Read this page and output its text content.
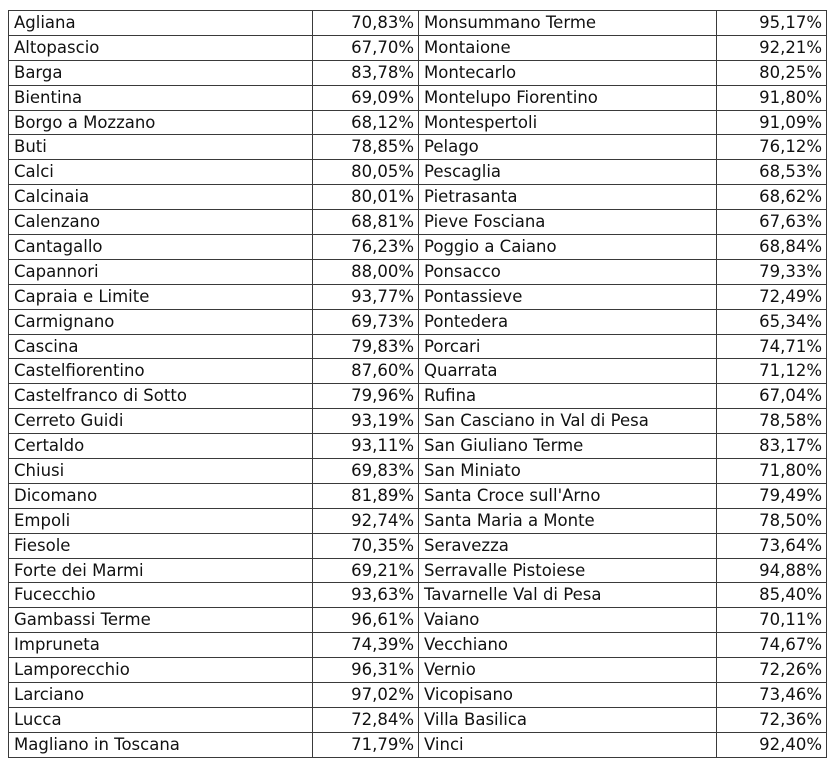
Agliana	70,83%	Monsummano Terme	95,17%
Altopascio	67,70%	Montaione	92,21%
Barga	83,78%	Montecarlo	80,25%
Bientina	69,09%	Montelupo Fiorentino	91,80%
Borgo a Mozzano	68,12%	Montespertoli	91,09%
Buti	78,85%	Pelago	76,12%
Calci	80,05%	Pescaglia	68,53%
Calcinaia	80,01%	Pietrasanta	68,62%
Calenzano	68,81%	Pieve Fosciana	67,63%
Cantagallo	76,23%	Poggio a Caiano	68,84%
Capannori	88,00%	Ponsacco	79,33%
Capraia e Limite	93,77%	Pontassieve	72,49%
Carmignano	69,73%	Pontedera	65,34%
Cascina	79,83%	Porcari	74,71%
Castelfiorentino	87,60%	Quarrata	71,12%
Castelfranco di Sotto	79,96%	Rufina	67,04%
Cerreto Guidi	93,19%	San Casciano in Val di Pesa	78,58%
Certaldo	93,11%	San Giuliano Terme	83,17%
Chiusi	69,83%	San Miniato	71,80%
Dicomano	81,89%	Santa Croce sull'Arno	79,49%
Empoli	92,74%	Santa Maria a Monte	78,50%
Fiesole	70,35%	Seravezza	73,64%
Forte dei Marmi	69,21%	Serravalle Pistoiese	94,88%
Fucecchio	93,63%	Tavarnelle Val di Pesa	85,40%
Gambassi Terme	96,61%	Vaiano	70,11%
Impruneta	74,39%	Vecchiano	74,67%
Lamporecchio	96,31%	Vernio	72,26%
Larciano	97,02%	Vicopisano	73,46%
Lucca	72,84%	Villa Basilica	72,36%
Magliano in Toscana	71,79%	Vinci	92,40%
